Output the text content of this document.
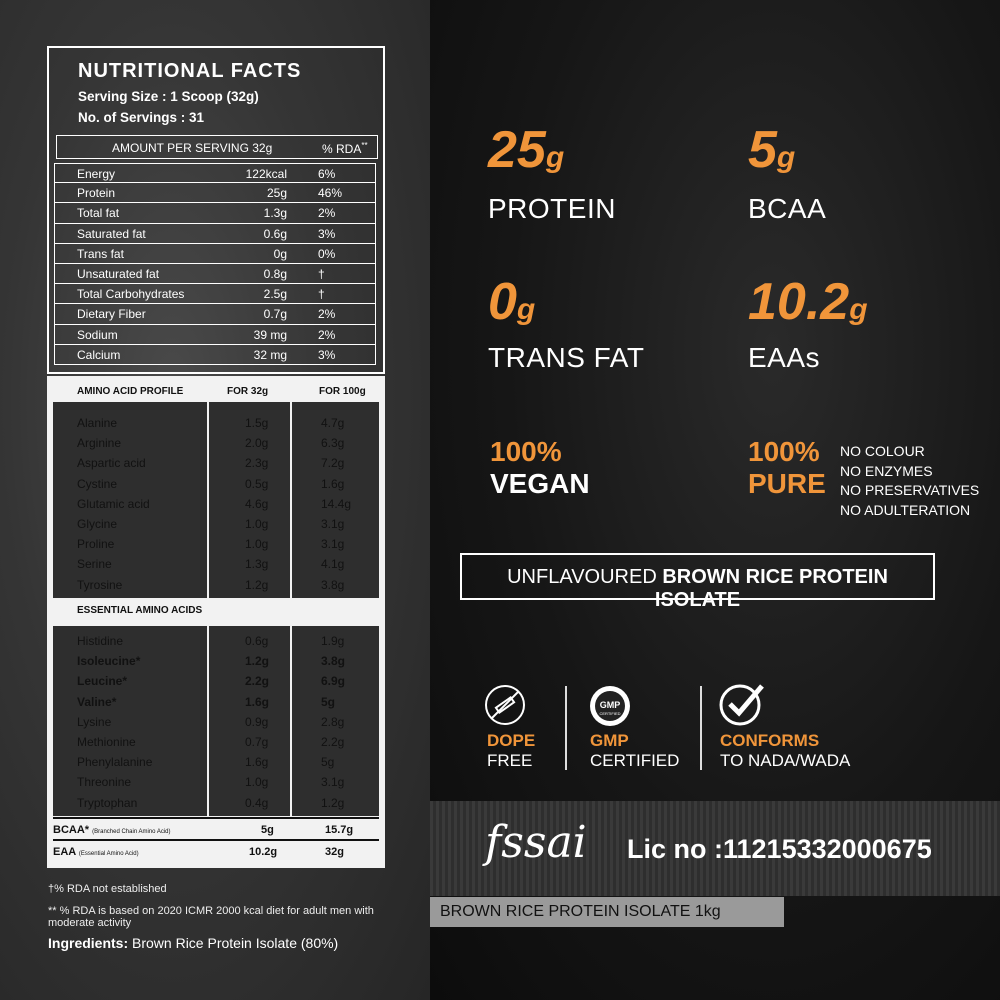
NUTRITIONAL FACTS
Serving Size : 1 Scoop (32g)
No. of Servings : 31
AMOUNT PER SERVING 32g	% RDA**
Energy	122kcal	6%
Protein	25g	46%
Total fat	1.3g	2%
Saturated fat	0.6g	3%
Trans fat	0g	0%
Unsaturated fat	0.8g	†
Total Carbohydrates	2.5g	†
Dietary Fiber	0.7g	2%
Sodium	39 mg	2%
Calcium	32 mg	3%
AMINO ACID PROFILE	FOR 32g	FOR 100g
ESSENTIAL AMINO ACIDS
Alanine	1.5g	4.7g
Arginine	2.0g	6.3g
Aspartic acid	2.3g	7.2g
Cystine	0.5g	1.6g
Glutamic acid	4.6g	14.4g
Glycine	1.0g	3.1g
Proline	1.0g	3.1g
Serine	1.3g	4.1g
Tyrosine	1.2g	3.8g
Histidine	0.6g	1.9g
Isoleucine*	1.2g	3.8g
Leucine*	2.2g	6.9g
Valine*	1.6g	5g
Lysine	0.9g	2.8g
Methionine	0.7g	2.2g
Phenylalanine	1.6g	5g
Threonine	1.0g	3.1g
Tryptophan	0.4g	1.2g
BCAA* (Branched Chain Amino Acid)	5g	15.7g
EAA (Essential Amino Acid)	10.2g	32g
†% RDA not established
** % RDA is based on 2020 ICMR 2000 kcal diet for adult men with moderate activity
Ingredients: Brown Rice Protein Isolate (80%)
25g
PROTEIN
5g
BCAA
0g
TRANS FAT
10.2g
EAAs
100%
VEGAN
100%
PURE
NO COLOUR
NO ENZYMES
NO PRESERVATIVES
NO ADULTERATION
UNFLAVOURED BROWN RICE PROTEIN ISOLATE
DOPE
FREE
GMP
CERTIFIED
GMP
CERTIFIED
CONFORMS
TO NADA/WADA
fssai Lic no :11215332000675
BROWN RICE PROTEIN ISOLATE 1kg
